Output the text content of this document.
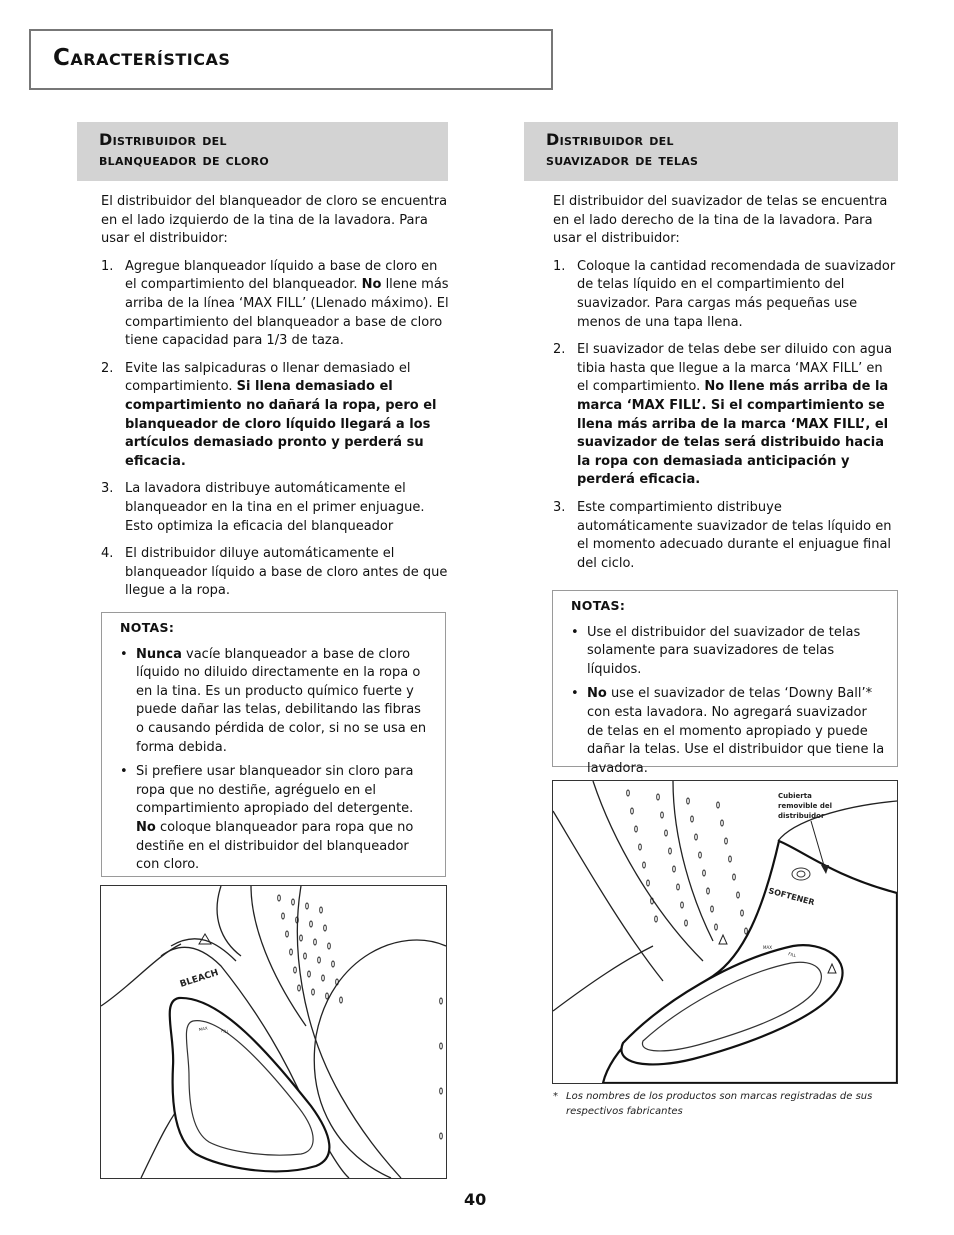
Características
Distribuidor del
blanqueador de cloro
Distribuidor del
suavizador de telas

El distribuidor del blanqueador de cloro se encuentra en el lado izquierdo de la tina de la lavadora. Para usar el distribuidor:

1. Agregue blanqueador líquido a base de cloro en el compartimiento del blanqueador. No llene más arriba de la línea ‘MAX FILL’ (Llenado máximo). El compartimiento del blanqueador a base de cloro tiene capacidad para 1/3 de taza.
2. Evite las salpicaduras o llenar demasiado el compartimiento. Si llena demasiado el compartimiento no dañará la ropa, pero el blanqueador de cloro líquido llegará a los artículos demasiado pronto y perderá su eficacia.
3. La lavadora distribuye automáticamente el blanqueador en la tina en el primer enjuague. Esto optimiza la eficacia del blanqueador
4. El distribuidor diluye automáticamente el blanqueador líquido a base de cloro antes de que llegue a la ropa.
NOTAS:
• Nunca vacíe blanqueador a base de cloro líquido no diluido directamente en la ropa o en la tina. Es un producto químico fuerte y puede dañar las telas, debilitando las fibras o causando pérdida de color, si no se usa en forma debida.
• Si prefiere usar blanqueador sin cloro para ropa que no destiñe, agréguelo en el compartimiento apropiado del detergente. No coloque blanqueador para ropa que no destiñe en el distribuidor del blanqueador con cloro.
BLEACH
MAX	FILL

El distribuidor del suavizador de telas se encuentra en el lado derecho de la tina de la lavadora. Para usar el distribuidor:

1. Coloque la cantidad recomendada de suavizador de telas líquido en el compartimiento del suavizador. Para cargas más pequeñas use menos de una tapa llena.
2. El suavizador de telas debe ser diluido con agua tibia hasta que llegue a la marca ‘MAX FILL’ en el compartimiento. No llene más arriba de la marca ‘MAX FILL’. Si el compartimiento se llena más arriba de la marca ‘MAX FILL’, el suavizador de telas será distribuido hacia la ropa con demasiada anticipación y perderá eficacia.
3. Este compartimiento distribuye automáticamente suavizador de telas líquido en el momento adecuado durante el enjuague final del ciclo.
NOTAS:
• Use el distribuidor del suavizador de telas solamente para suavizadores de telas líquidos.
• No use el suavizador de telas ‘Downy Ball’* con esta lavadora. No agregará suavizador de telas en el momento apropiado y puede dañar la telas. Use el distribuidor que tiene la lavadora.
SOFTENER
MAX
FILL
Cubierta
removible del
distribuidor
* Los nombres de los productos son marcas registradas de sus respectivos fabricantes
40
